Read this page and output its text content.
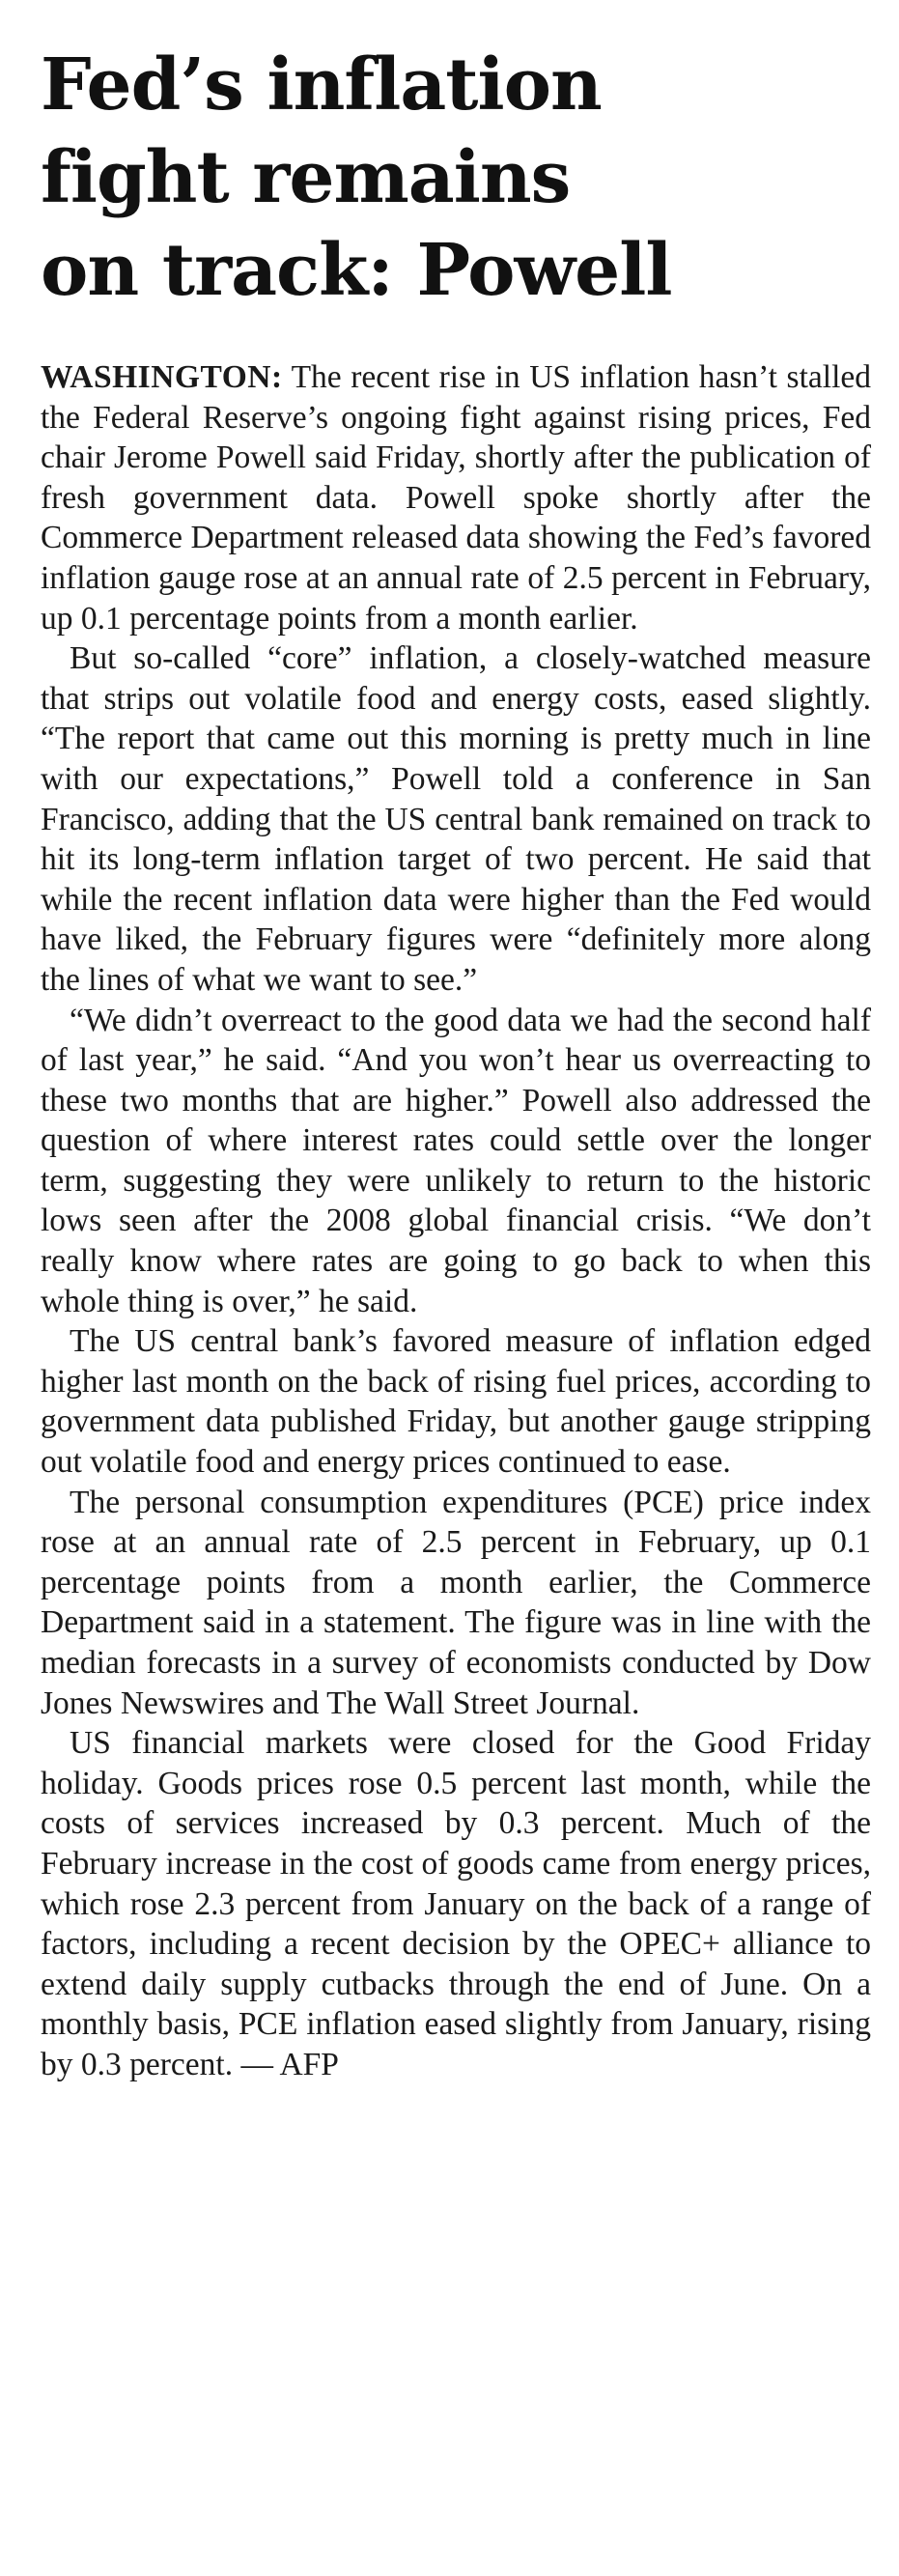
Fed’s inflation
fight remains
on track: Powell

WASHINGTON: The recent rise in US inflation hasn’t stalled the Federal Reserve’s ongoing fight against rising prices, Fed chair Jerome Powell said Friday, shortly after the publication of fresh government data. Powell spoke shortly after the Commerce Department released data showing the Fed’s favored inflation gauge rose at an annual rate of 2.5 percent in February, up 0.1 percentage points from a month earlier.

But so-called “core” inflation, a closely-watched measure that strips out volatile food and energy costs, eased slightly. “The report that came out this morning is pretty much in line with our expectations,” Powell told a conference in San Francisco, adding that the US central bank remained on track to hit its long-term inflation target of two percent. He said that while the recent inflation data were higher than the Fed would have liked, the February figures were “definitely more along the lines of what we want to see.”

“We didn’t overreact to the good data we had the second half of last year,” he said. “And you won’t hear us overreacting to these two months that are higher.” Powell also addressed the question of where interest rates could settle over the longer term, suggesting they were unlikely to return to the historic lows seen after the 2008 global financial crisis. “We don’t really know where rates are going to go back to when this whole thing is over,” he said.

The US central bank’s favored measure of inflation edged higher last month on the back of rising fuel prices, according to government data published Friday, but another gauge stripping out volatile food and energy prices continued to ease.

The personal consumption expenditures (PCE) price index rose at an annual rate of 2.5 percent in February, up 0.1 percentage points from a month earlier, the Commerce Department said in a statement. The figure was in line with the median forecasts in a survey of economists conducted by Dow Jones Newswires and The Wall Street Journal.

US financial markets were closed for the Good Friday holiday. Goods prices rose 0.5 percent last month, while the costs of services increased by 0.3 percent. Much of the February increase in the cost of goods came from energy prices, which rose 2.3 percent from January on the back of a range of factors, including a recent decision by the OPEC+ alliance to extend daily supply cutbacks through the end of June. On a monthly basis, PCE inflation eased slightly from January, rising by 0.3 percent. — AFP
